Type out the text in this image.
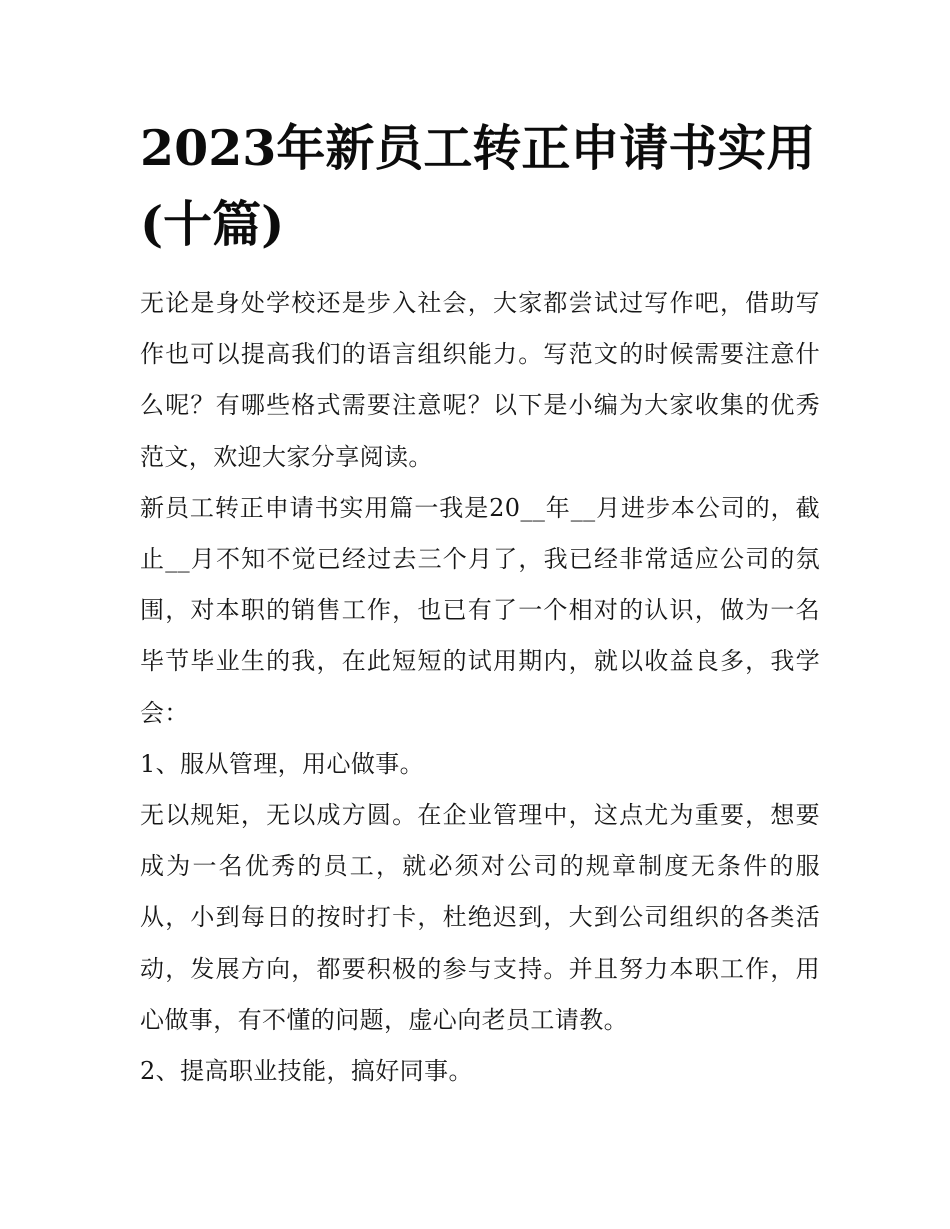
2023年新员工转正申请书实用(十篇)

无论是身处学校还是步入社会，大家都尝试过写作吧，借助写作也可以提高我们的语言组织能力。写范文的时候需要注意什么呢？有哪些格式需要注意呢？以下是小编为大家收集的优秀范文，欢迎大家分享阅读。

新员工转正申请书实用篇一我是20__年__月进步本公司的，截止__月不知不觉已经过去三个月了，我已经非常适应公司的氛围，对本职的销售工作，也已有了一个相对的认识，做为一名毕节毕业生的我，在此短短的试用期内，就以收益良多，我学会：

1、服从管理，用心做事。

无以规矩，无以成方圆。在企业管理中，这点尤为重要，想要成为一名优秀的员工，就必须对公司的规章制度无条件的服从，小到每日的按时打卡，杜绝迟到，大到公司组织的各类活动，发展方向，都要积极的参与支持。并且努力本职工作，用心做事，有不懂的问题，虚心向老员工请教。

2、提高职业技能，搞好同事。
